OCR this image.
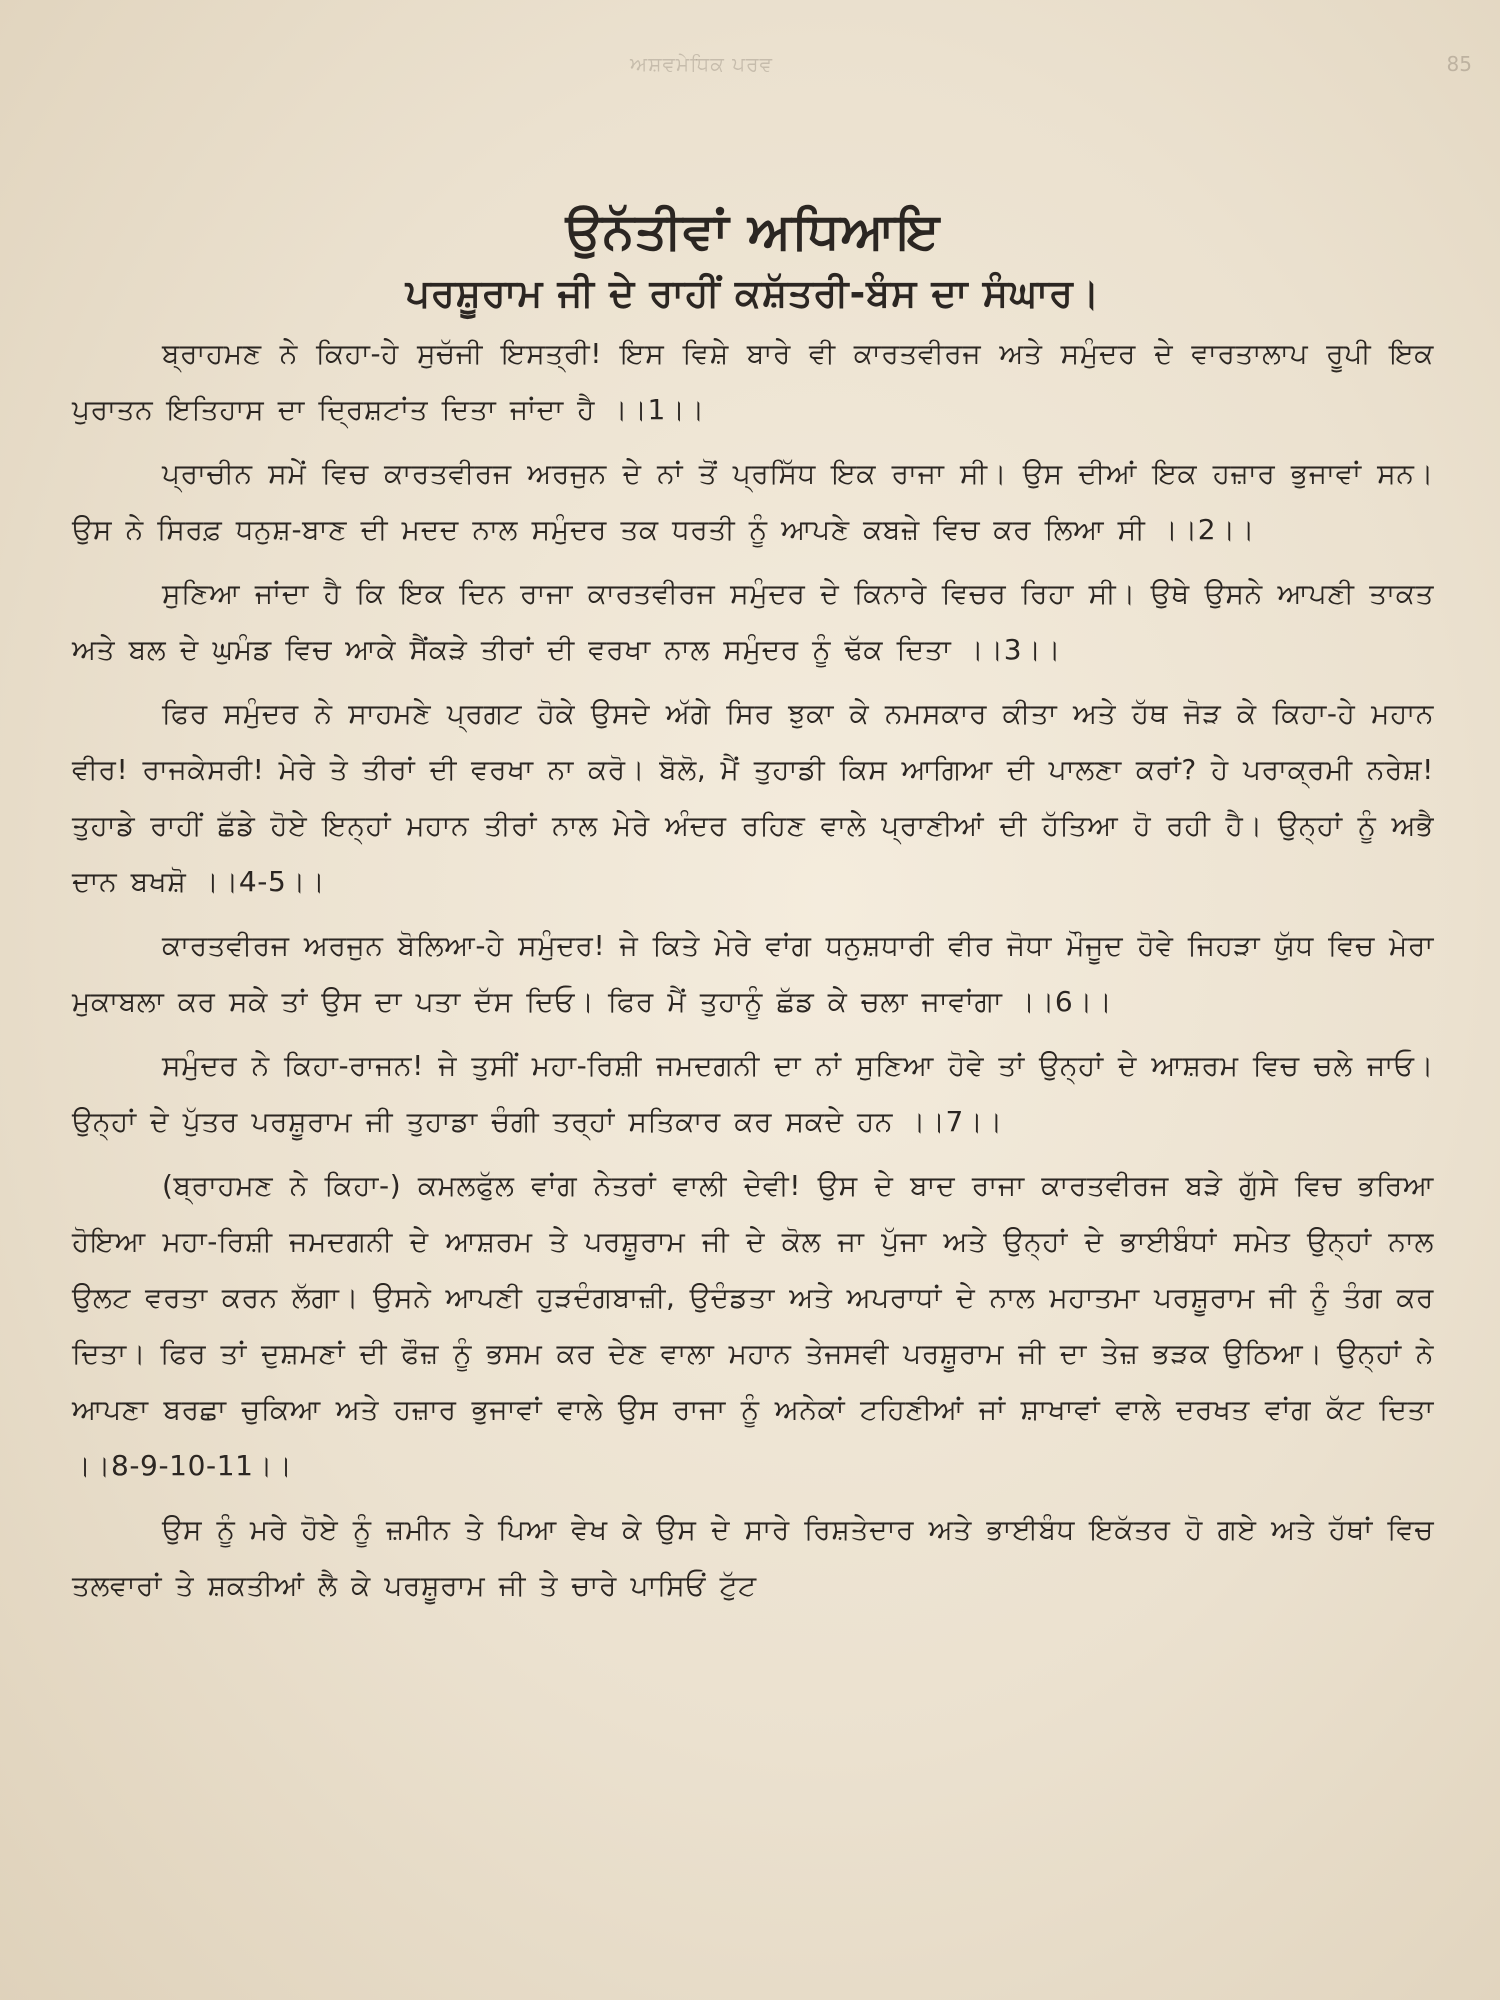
ਅਸ਼ਵਮੇਧਿਕ ਪਰਵ	85
ਉਨੱਤੀਵਾਂ ਅਧਿਆਇ
ਪਰਸ਼ੂਰਾਮ ਜੀ ਦੇ ਰਾਹੀਂ ਕਸ਼ੱਤਰੀ-ਬੰਸ ਦਾ ਸੰਘਾਰ।

ਬ੍ਰਾਹਮਣ ਨੇ ਕਿਹਾ-ਹੇ ਸੁਚੱਜੀ ਇਸਤ੍ਰੀ! ਇਸ ਵਿਸ਼ੇ ਬਾਰੇ ਵੀ ਕਾਰਤਵੀਰਜ ਅਤੇ ਸਮੁੰਦਰ ਦੇ ਵਾਰਤਾਲਾਪ ਰੂਪੀ ਇਕ ਪੁਰਾਤਨ ਇਤਿਹਾਸ ਦਾ ਦ੍ਰਿਸ਼ਟਾਂਤ ਦਿਤਾ ਜਾਂਦਾ ਹੈ ।।1।।

ਪ੍ਰਾਚੀਨ ਸਮੇਂ ਵਿਚ ਕਾਰਤਵੀਰਜ ਅਰਜੁਨ ਦੇ ਨਾਂ ਤੋਂ ਪ੍ਰਸਿੱਧ ਇਕ ਰਾਜਾ ਸੀ। ਉਸ ਦੀਆਂ ਇਕ ਹਜ਼ਾਰ ਭੁਜਾਵਾਂ ਸਨ। ਉਸ ਨੇ ਸਿਰਫ਼ ਧਨੁਸ਼-ਬਾਣ ਦੀ ਮਦਦ ਨਾਲ ਸਮੁੰਦਰ ਤਕ ਧਰਤੀ ਨੂੰ ਆਪਣੇ ਕਬਜ਼ੇ ਵਿਚ ਕਰ ਲਿਆ ਸੀ ।।2।।

ਸੁਣਿਆ ਜਾਂਦਾ ਹੈ ਕਿ ਇਕ ਦਿਨ ਰਾਜਾ ਕਾਰਤਵੀਰਜ ਸਮੁੰਦਰ ਦੇ ਕਿਨਾਰੇ ਵਿਚਰ ਰਿਹਾ ਸੀ। ਉਥੇ ਉਸਨੇ ਆਪਣੀ ਤਾਕਤ ਅਤੇ ਬਲ ਦੇ ਘੁਮੰਡ ਵਿਚ ਆਕੇ ਸੈਂਕੜੇ ਤੀਰਾਂ ਦੀ ਵਰਖਾ ਨਾਲ ਸਮੁੰਦਰ ਨੂੰ ਢੱਕ ਦਿਤਾ ।।3।।

ਫਿਰ ਸਮੁੰਦਰ ਨੇ ਸਾਹਮਣੇ ਪ੍ਰਗਟ ਹੋਕੇ ਉਸਦੇ ਅੱਗੇ ਸਿਰ ਝੁਕਾ ਕੇ ਨਮਸਕਾਰ ਕੀਤਾ ਅਤੇ ਹੱਥ ਜੋੜ ਕੇ ਕਿਹਾ-ਹੇ ਮਹਾਨ ਵੀਰ! ਰਾਜਕੇਸਰੀ! ਮੇਰੇ ਤੇ ਤੀਰਾਂ ਦੀ ਵਰਖਾ ਨਾ ਕਰੋ। ਬੋਲੋ, ਮੈਂ ਤੁਹਾਡੀ ਕਿਸ ਆਗਿਆ ਦੀ ਪਾਲਣਾ ਕਰਾਂ? ਹੇ ਪਰਾਕ੍ਰਮੀ ਨਰੇਸ਼! ਤੁਹਾਡੇ ਰਾਹੀਂ ਛੱਡੇ ਹੋਏ ਇਨ੍ਹਾਂ ਮਹਾਨ ਤੀਰਾਂ ਨਾਲ ਮੇਰੇ ਅੰਦਰ ਰਹਿਣ ਵਾਲੇ ਪ੍ਰਾਣੀਆਂ ਦੀ ਹੱਤਿਆ ਹੋ ਰਹੀ ਹੈ। ਉਨ੍ਹਾਂ ਨੂੰ ਅਭੈ ਦਾਨ ਬਖਸ਼ੋ ।।4-5।।

ਕਾਰਤਵੀਰਜ ਅਰਜੁਨ ਬੋਲਿਆ-ਹੇ ਸਮੁੰਦਰ! ਜੇ ਕਿਤੇ ਮੇਰੇ ਵਾਂਗ ਧਨੁਸ਼ਧਾਰੀ ਵੀਰ ਜੋਧਾ ਮੌਜੂਦ ਹੋਵੇ ਜਿਹੜਾ ਯੁੱਧ ਵਿਚ ਮੇਰਾ ਮੁਕਾਬਲਾ ਕਰ ਸਕੇ ਤਾਂ ਉਸ ਦਾ ਪਤਾ ਦੱਸ ਦਿਓ। ਫਿਰ ਮੈਂ ਤੁਹਾਨੂੰ ਛੱਡ ਕੇ ਚਲਾ ਜਾਵਾਂਗਾ ।।6।।

ਸਮੁੰਦਰ ਨੇ ਕਿਹਾ-ਰਾਜਨ! ਜੇ ਤੁਸੀਂ ਮਹਾ-ਰਿਸ਼ੀ ਜਮਦਗਨੀ ਦਾ ਨਾਂ ਸੁਣਿਆ ਹੋਵੇ ਤਾਂ ਉਨ੍ਹਾਂ ਦੇ ਆਸ਼ਰਮ ਵਿਚ ਚਲੇ ਜਾਓ। ਉਨ੍ਹਾਂ ਦੇ ਪੁੱਤਰ ਪਰਸ਼ੂਰਾਮ ਜੀ ਤੁਹਾਡਾ ਚੰਗੀ ਤਰ੍ਹਾਂ ਸਤਿਕਾਰ ਕਰ ਸਕਦੇ ਹਨ ।।7।।

(ਬ੍ਰਾਹਮਣ ਨੇ ਕਿਹਾ-) ਕਮਲਫੁੱਲ ਵਾਂਗ ਨੇਤਰਾਂ ਵਾਲੀ ਦੇਵੀ! ਉਸ ਦੇ ਬਾਦ ਰਾਜਾ ਕਾਰਤਵੀਰਜ ਬੜੇ ਗੁੱਸੇ ਵਿਚ ਭਰਿਆ ਹੋਇਆ ਮਹਾ-ਰਿਸ਼ੀ ਜਮਦਗਨੀ ਦੇ ਆਸ਼ਰਮ ਤੇ ਪਰਸ਼ੂਰਾਮ ਜੀ ਦੇ ਕੋਲ ਜਾ ਪੁੱਜਾ ਅਤੇ ਉਨ੍ਹਾਂ ਦੇ ਭਾਈਬੰਧਾਂ ਸਮੇਤ ਉਨ੍ਹਾਂ ਨਾਲ ਉਲਟ ਵਰਤਾ ਕਰਨ ਲੱਗਾ। ਉਸਨੇ ਆਪਣੀ ਹੁੜਦੰਗਬਾਜ਼ੀ, ਉਦੰਡਤਾ ਅਤੇ ਅਪਰਾਧਾਂ ਦੇ ਨਾਲ ਮਹਾਤਮਾ ਪਰਸ਼ੂਰਾਮ ਜੀ ਨੂੰ ਤੰਗ ਕਰ ਦਿਤਾ। ਫਿਰ ਤਾਂ ਦੁਸ਼ਮਣਾਂ ਦੀ ਫੌਜ਼ ਨੂੰ ਭਸਮ ਕਰ ਦੇਣ ਵਾਲਾ ਮਹਾਨ ਤੇਜਸਵੀ ਪਰਸ਼ੂਰਾਮ ਜੀ ਦਾ ਤੇਜ਼ ਭੜਕ ਉਠਿਆ। ਉਨ੍ਹਾਂ ਨੇ ਆਪਣਾ ਬਰਛਾ ਚੁਕਿਆ ਅਤੇ ਹਜ਼ਾਰ ਭੁਜਾਵਾਂ ਵਾਲੇ ਉਸ ਰਾਜਾ ਨੂੰ ਅਨੇਕਾਂ ਟਹਿਣੀਆਂ ਜਾਂ ਸ਼ਾਖਾਵਾਂ ਵਾਲੇ ਦਰਖਤ ਵਾਂਗ ਕੱਟ ਦਿਤਾ ।।8-9-10-11।।

ਉਸ ਨੂੰ ਮਰੇ ਹੋਏ ਨੂੰ ਜ਼ਮੀਨ ਤੇ ਪਿਆ ਵੇਖ ਕੇ ਉਸ ਦੇ ਸਾਰੇ ਰਿਸ਼ਤੇਦਾਰ ਅਤੇ ਭਾਈਬੰਧ ਇਕੱਤਰ ਹੋ ਗਏ ਅਤੇ ਹੱਥਾਂ ਵਿਚ ਤਲਵਾਰਾਂ ਤੇ ਸ਼ਕਤੀਆਂ ਲੈ ਕੇ ਪਰਸ਼ੂਰਾਮ ਜੀ ਤੇ ਚਾਰੇ ਪਾਸਿਓਂ ਟੁੱਟ
